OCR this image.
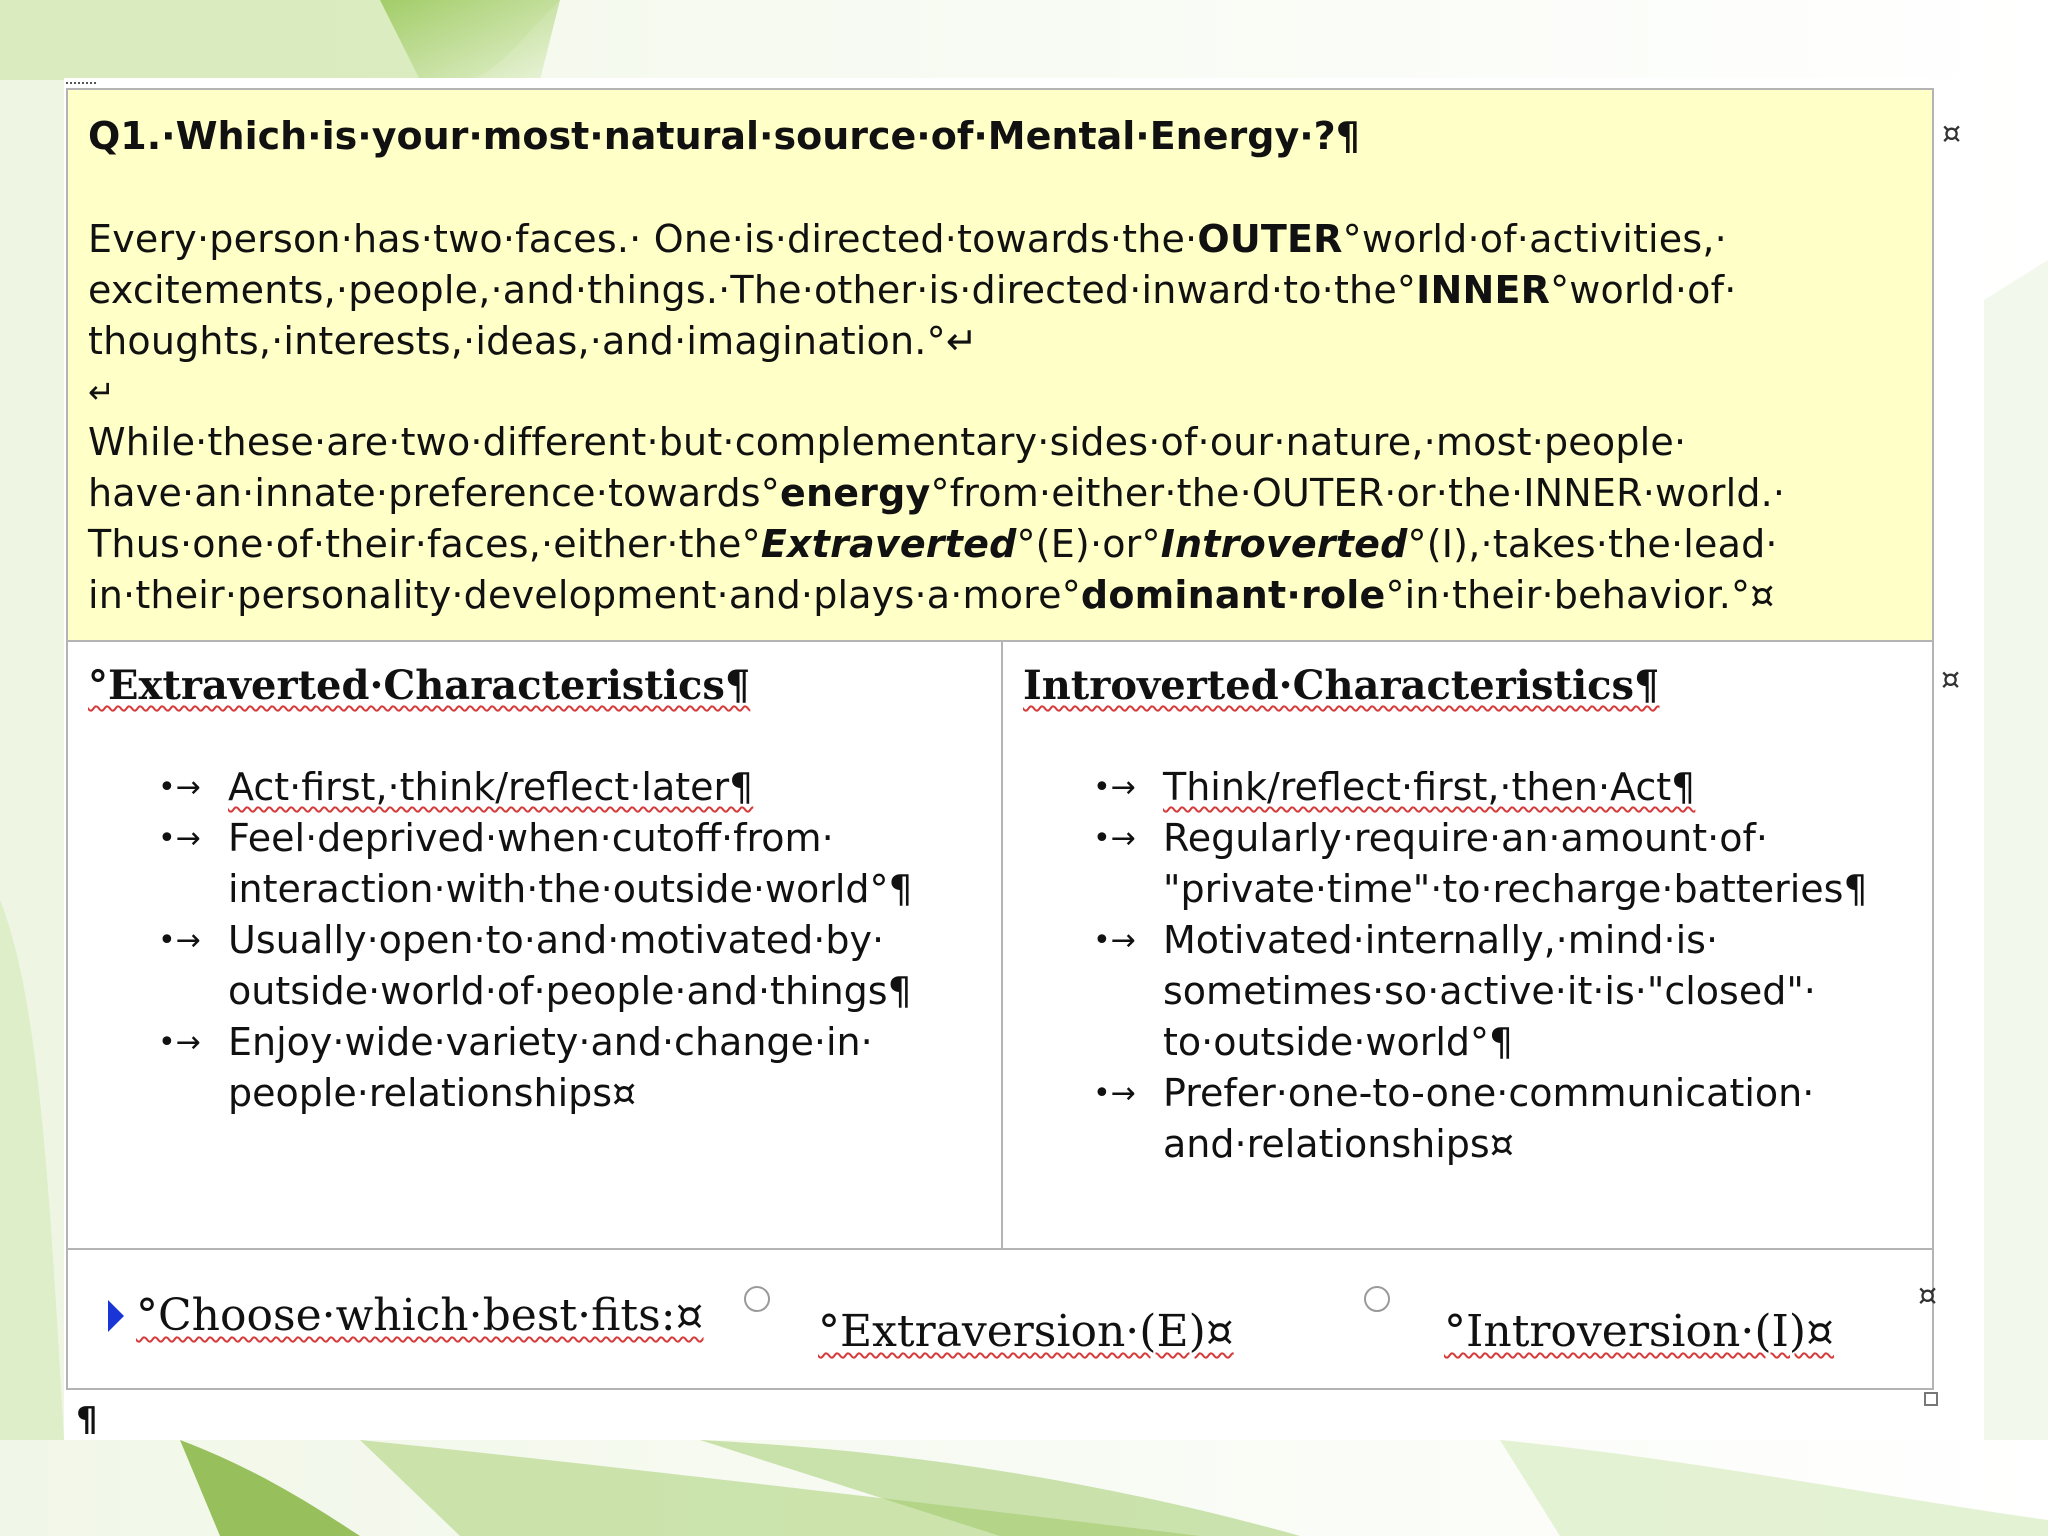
Q1.·Which·is·your·most·natural·source·of·Mental·Energy·?¶

Every·person·has·two·faces.· One·is·directed·towards·the·OUTER°world·of·activities,· excitements,·people,·and·things.·The·other·is·directed·inward·to·the°INNER°world·of· thoughts,·interests,·ideas,·and·imagination.°↵

↵

While·these·are·two·different·but·complementary·sides·of·our·nature,·most·people· have·an·innate·preference·towards°energy°from·either·the·OUTER·or·the·INNER·world.· Thus·one·of·their·faces,·either·the°Extraverted°(E)·or°Introverted°(I),·takes·the·lead· in·their·personality·development·and·plays·a·more°dominant·role°in·their·behavior.°¤

¤

°Extraverted·Characteristics¶

•→ Act·first,·think/reflect·later¶
•→ Feel·deprived·when·cutoff·from· interaction·with·the·outside·world°¶
•→ Usually·open·to·and·motivated·by· outside·world·of·people·and·things¶
•→ Enjoy·wide·variety·and·change·in· people·relationships¤

Introverted·Characteristics¶

•→ Think/reflect·first,·then·Act¶
•→ Regularly·require·an·amount·of· "private·time"·to·recharge·batteries¶
•→ Motivated·internally,·mind·is· sometimes·so·active·it·is·"closed"· to·outside·world°¶
•→ Prefer·one-to-one·communication· and·relationships¤
¤
°Choose·which·best·fits:¤	°Extraversion·(E)¤	°Introversion·(I)¤
¤
¶
